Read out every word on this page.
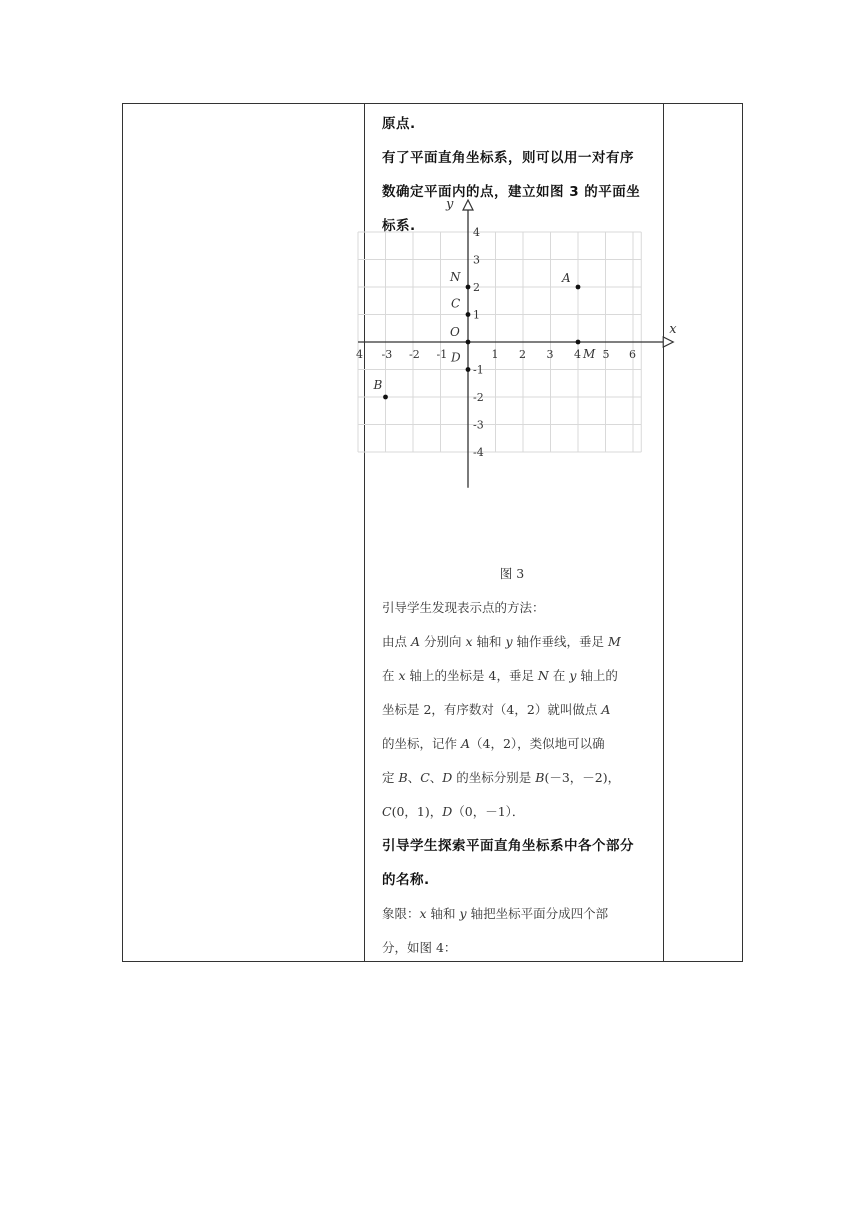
原点.

有了平面直角坐标系，则可以用一对有序

数确定平面内的点，建立如图 3 的平面坐

标系.

x
y
4 -3 -2 -1	1 2 3 4 5 6
4
3
2
1
-1
-2
-3
-4
A
B
C
D	M
N
O

图 3

引导学生发现表示点的方法：

由点 A 分别向 x 轴和 y 轴作垂线，垂足 M

在 x 轴上的坐标是 4，垂足 N 在 y 轴上的

坐标是 2，有序数对（4，2）就叫做点 A

的坐标，记作 A（4，2），类似地可以确

定 B、C、D 的坐标分别是 B(－3，－2)，

C(0，1)，D（0，－1）．

引导学生探索平面直角坐标系中各个部分

的名称.

象限：x 轴和 y 轴把坐标平面分成四个部

分，如图 4：
